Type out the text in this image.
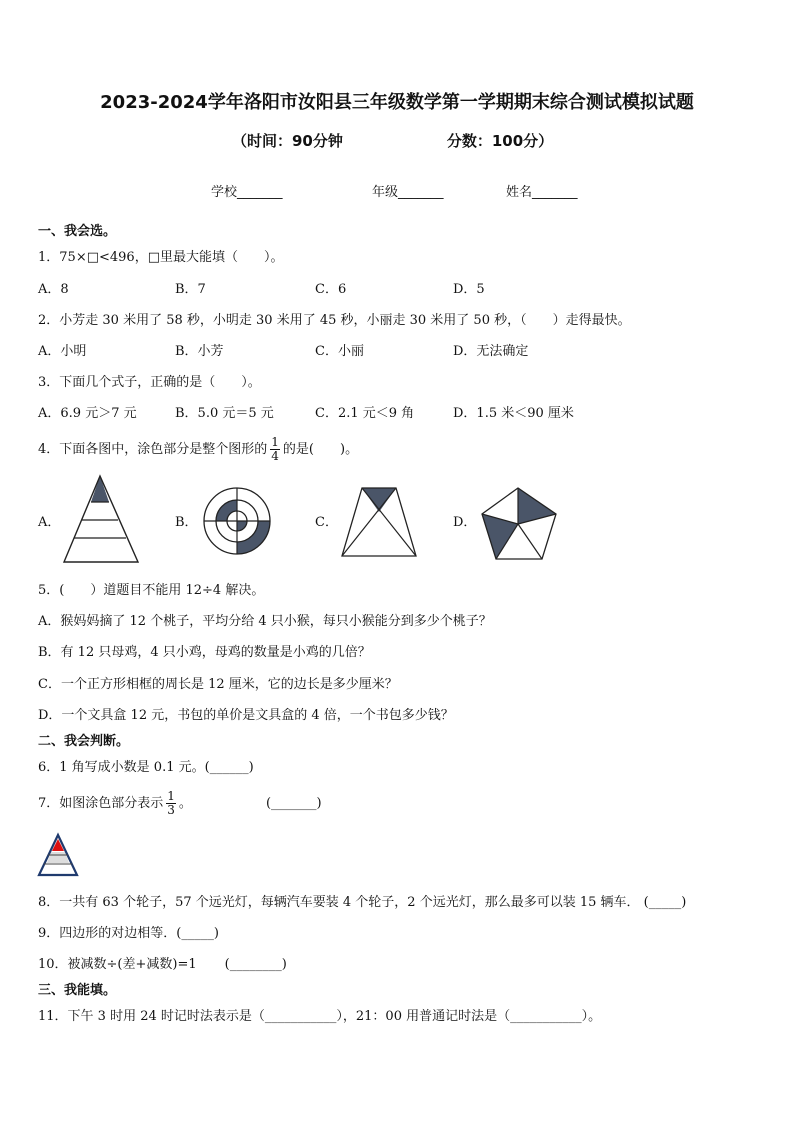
2023-2024学年洛阳市汝阳县三年级数学第一学期期末综合测试模拟试题
（时间：90分钟	分数：100分）
学校_______	年级_______	姓名_______
一、我会选。
1．75×□<496，□里最大能填（　　）。
A．8	B．7	C．6	D．5
2．小芳走 30 米用了 58 秒，小明走 30 米用了 45 秒，小丽走 30 米用了 50 秒，（　　）走得最快。
A．小明	B．小芳	C．小丽	D．无法确定
3．下面几个式子，正确的是（　　）。
A．6.9 元＞7 元	B．5.0 元＝5 元	C．2.1 元＜9 角	D．1.5 米＜90 厘米
4．下面各图中，涂色部分是整个图形的 $\frac{1}{4}$ 的是(　　)。
A．	B．	C．	D．
5．(　　）道题目不能用 12÷4 解决。
A．猴妈妈摘了 12 个桃子，平均分给 4 只小猴，每只小猴能分到多少个桃子？
B．有 12 只母鸡，4 只小鸡，母鸡的数量是小鸡的几倍？
C．一个正方形相框的周长是 12 厘米，它的边长是多少厘米？
D．一个文具盒 12 元，书包的单价是文具盒的 4 倍，一个书包多少钱？
二、我会判断。
6．1 角写成小数是 0.1 元。(______)
7．如图涂色部分表示 $\frac{1}{3}$ 。	(_______)
8．一共有 63 个轮子，57 个远光灯，每辆汽车要装 4 个轮子，2 个远光灯，那么最多可以装 15 辆车． (_____)
9．四边形的对边相等．(_____)
10．被减数÷(差+减数)=1 (________)
三、我能填。
11．下午 3 时用 24 时记时法表示是（___________），21：00 用普通记时法是（___________）。
